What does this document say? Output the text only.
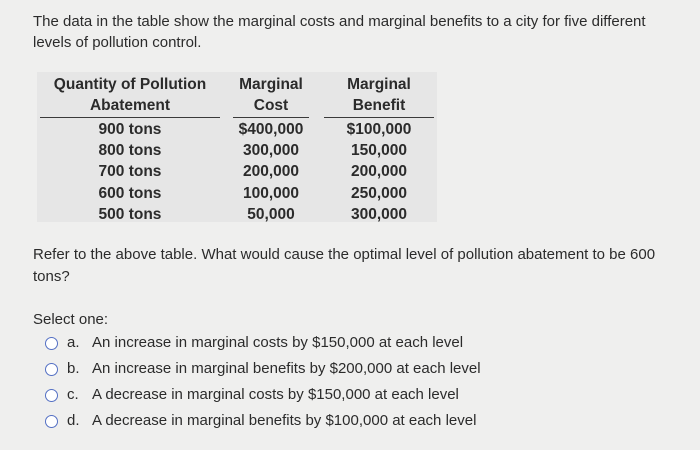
The data in the table show the marginal costs and marginal benefits to a city for five different levels of pollution control.
Quantity of Pollution
Abatement
900 tons
800 tons
700 tons
600 tons
500 tons
Marginal
Cost
$400,000
300,000
200,000
100,000
50,000
Marginal
Benefit
$100,000
150,000
200,000
250,000
300,000
Refer to the above table. What would cause the optimal level of pollution abatement to be 600 tons?
Select one:
a. An increase in marginal costs by $150,000 at each level
b. An increase in marginal benefits by $200,000 at each level
c. A decrease in marginal costs by $150,000 at each level
d. A decrease in marginal benefits by $100,000 at each level
